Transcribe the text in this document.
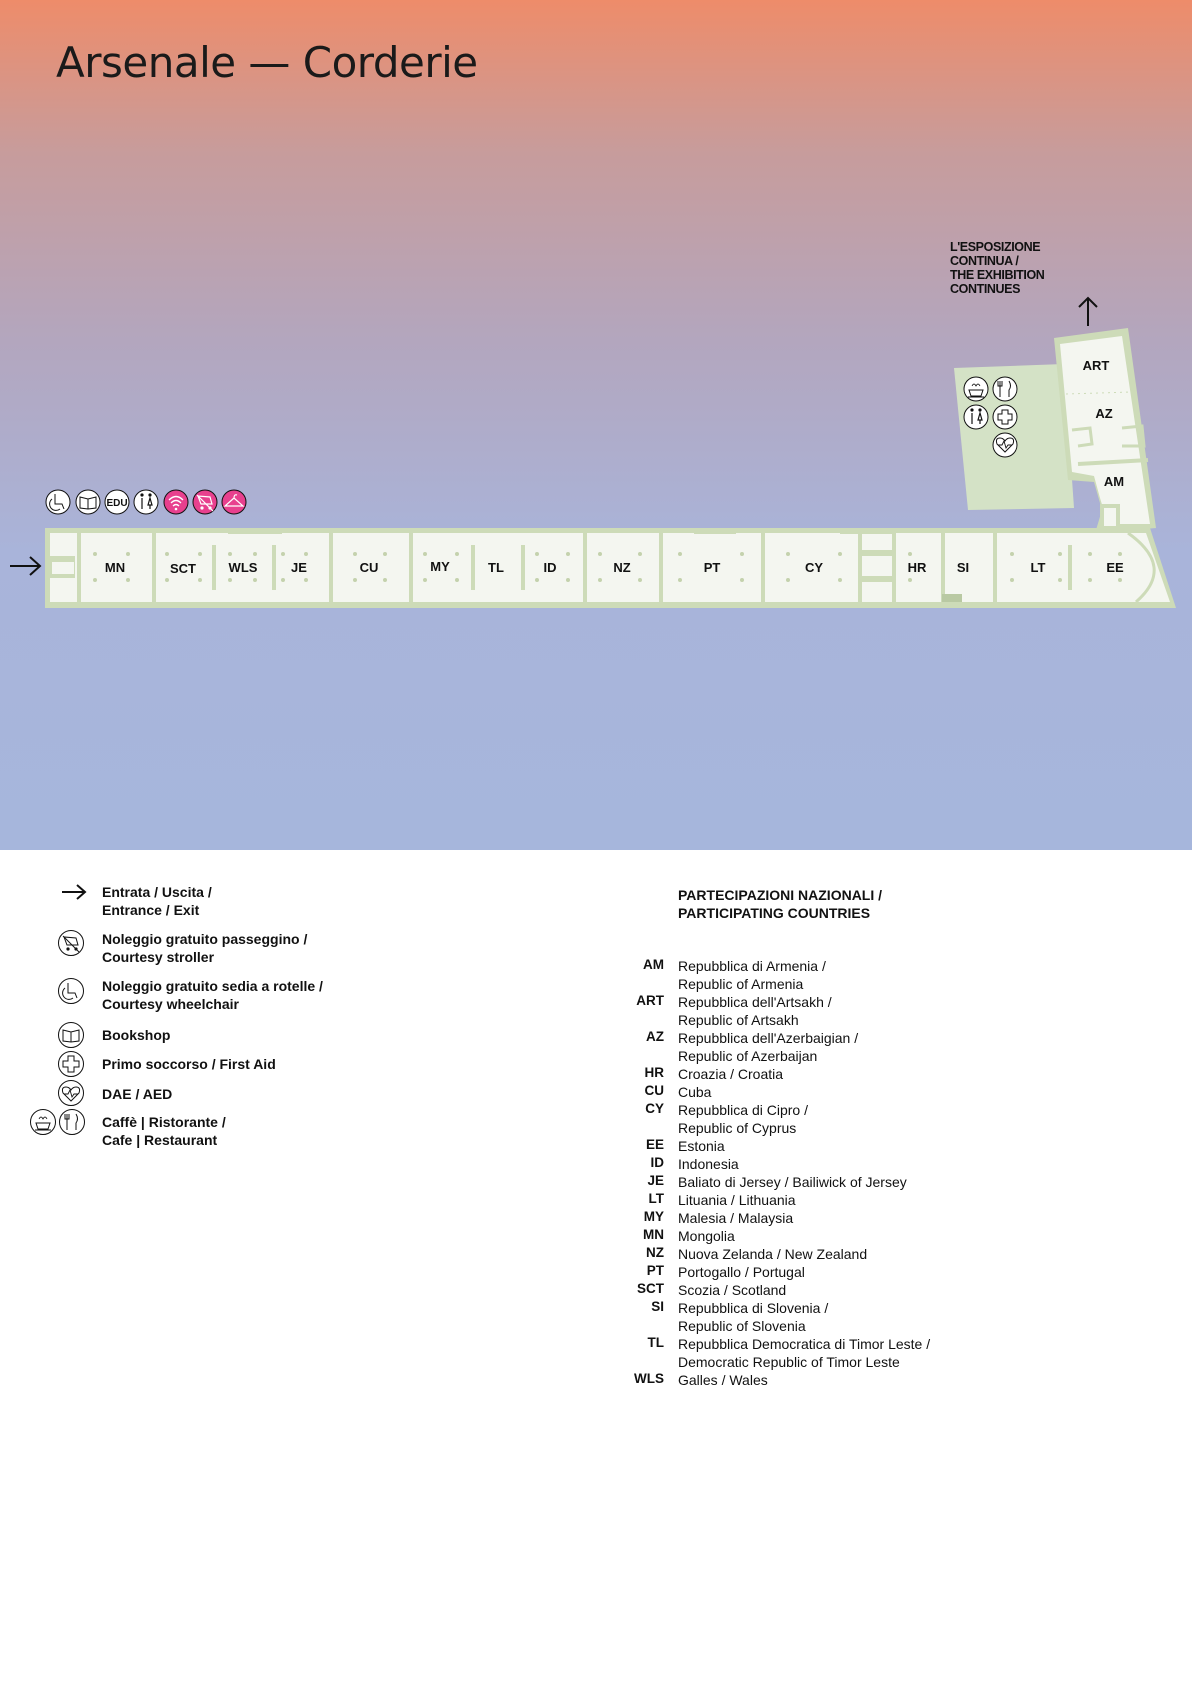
Arsenale — Corderie
MN	SCT	WLS	JE	CU	MY	TL	ID	NZ	PT	CY	HR SI	LT	EE
ART
AZ
AM
EDU
L'ESPOSIZIONE
CONTINUA /
THE EXHIBITION
CONTINUES
Entrata / Uscita /
Entrance / Exit
Noleggio gratuito passeggino /
Courtesy stroller
Noleggio gratuito sedia a rotelle /
Courtesy wheelchair
Bookshop
Primo soccorso / First Aid
DAE / AED
Caffè | Ristorante /
Cafe | Restaurant
PARTECIPAZIONI NAZIONALI /
PARTICIPATING COUNTRIES
AM Repubblica di Armenia /
Republic of Armenia
ART Repubblica dell'Artsakh /
Republic of Artsakh
AZ Repubblica dell'Azerbaigian /
Republic of Azerbaijan
HR Croazia / Croatia
CU Cuba
CY Repubblica di Cipro /
Republic of Cyprus
EE Estonia
ID Indonesia
JE Baliato di Jersey / Bailiwick of Jersey
LT Lituania / Lithuania
MY Malesia / Malaysia
MN Mongolia
NZ Nuova Zelanda / New Zealand
PT Portogallo / Portugal
SCT Scozia / Scotland
SI Repubblica di Slovenia /
Republic of Slovenia
TL Repubblica Democratica di Timor Leste /
Democratic Republic of Timor Leste
WLS Galles / Wales
